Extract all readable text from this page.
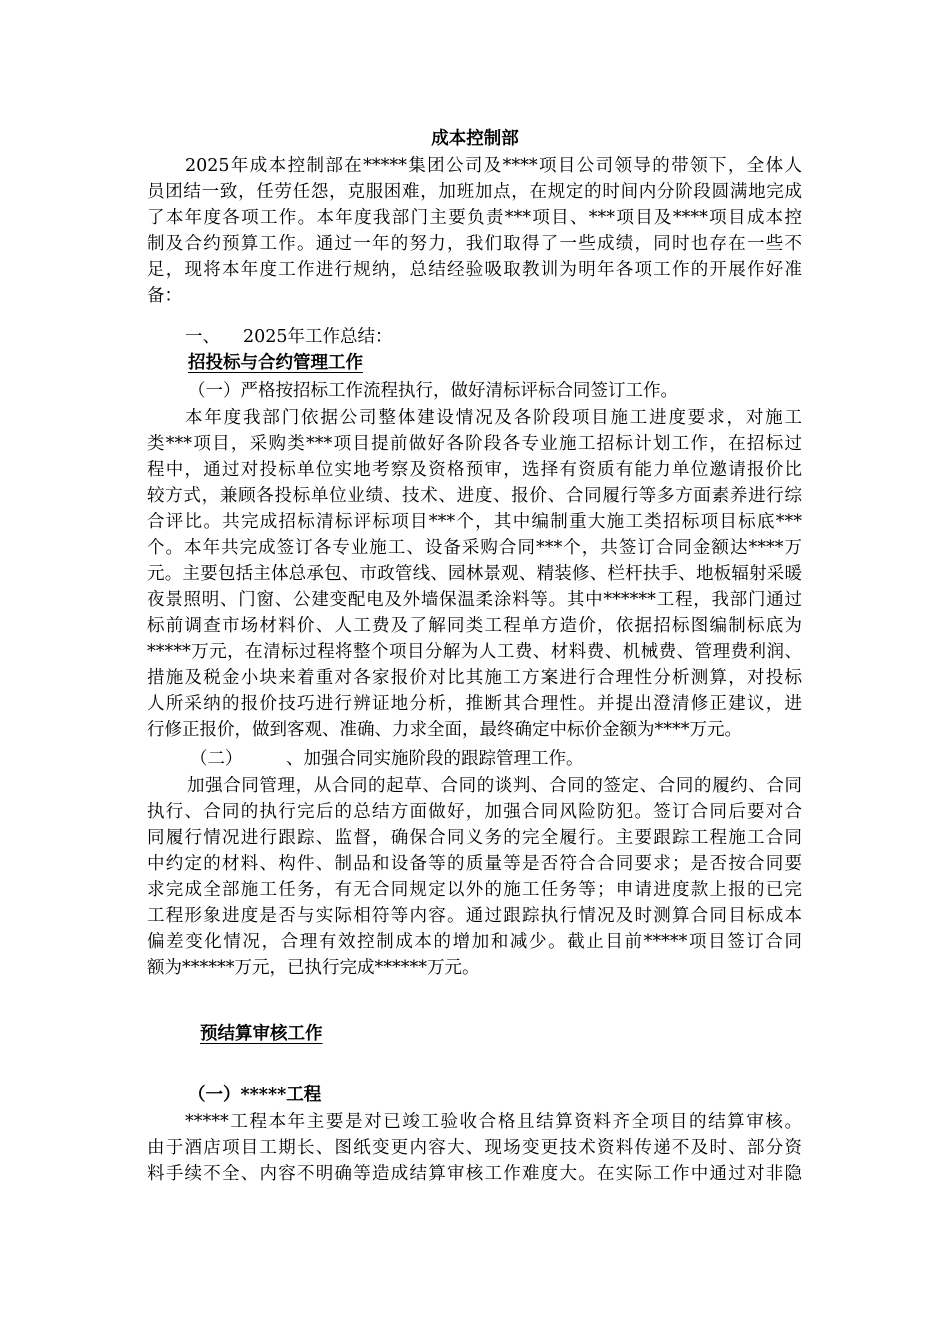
成本控制部
2025年成本控制部在*****集团公司及****项目公司领导的带领下，全体人
员团结一致，任劳任怨，克服困难，加班加点，在规定的时间内分阶段圆满地完成
了本年度各项工作。本年度我部门主要负责***项目、***项目及****项目成本控
制及合约预算工作。通过一年的努力，我们取得了一些成绩，同时也存在一些不
足，现将本年度工作进行规纳，总结经验吸取教训为明年各项工作的开展作好准
备：
一、 2025年工作总结：
招投标与合约管理工作
（一）严格按招标工作流程执行，做好清标评标合同签订工作。
本年度我部门依据公司整体建设情况及各阶段项目施工进度要求，对施工
类***项目，采购类***项目提前做好各阶段各专业施工招标计划工作，在招标过
程中，通过对投标单位实地考察及资格预审，选择有资质有能力单位邀请报价比
较方式，兼顾各投标单位业绩、技术、进度、报价、合同履行等多方面素养进行综
合评比。共完成招标清标评标项目***个，其中编制重大施工类招标项目标底***
个。本年共完成签订各专业施工、设备采购合同***个，共签订合同金额达****万
元。主要包括主体总承包、市政管线、园林景观、精装修、栏杆扶手、地板辐射采暖
夜景照明、门窗、公建变配电及外墙保温柔涂料等。其中******工程，我部门通过
标前调查市场材料价、人工费及了解同类工程单方造价，依据招标图编制标底为
*****万元，在清标过程将整个项目分解为人工费、材料费、机械费、管理费利润、
措施及税金小块来着重对各家报价对比其施工方案进行合理性分析测算，对投标
人所采纳的报价技巧进行辨证地分析，推断其合理性。并提出澄清修正建议，进
行修正报价，做到客观、准确、力求全面，最终确定中标价金额为****万元。
（二） 、加强合同实施阶段的跟踪管理工作。
加强合同管理，从合同的起草、合同的谈判、合同的签定、合同的履约、合同
执行、合同的执行完后的总结方面做好，加强合同风险防犯。签订合同后要对合
同履行情况进行跟踪、监督，确保合同义务的完全履行。主要跟踪工程施工合同
中约定的材料、构件、制品和设备等的质量等是否符合合同要求；是否按合同要
求完成全部施工任务，有无合同规定以外的施工任务等；申请进度款上报的已完
工程形象进度是否与实际相符等内容。通过跟踪执行情况及时测算合同目标成本
偏差变化情况，合理有效控制成本的增加和减少。截止目前*****项目签订合同
额为******万元，已执行完成******万元。
预结算审核工作
（一）*****工程
*****工程本年主要是对已竣工验收合格且结算资料齐全项目的结算审核。
由于酒店项目工期长、图纸变更内容大、现场变更技术资料传递不及时、部分资
料手续不全、内容不明确等造成结算审核工作难度大。在实际工作中通过对非隐
